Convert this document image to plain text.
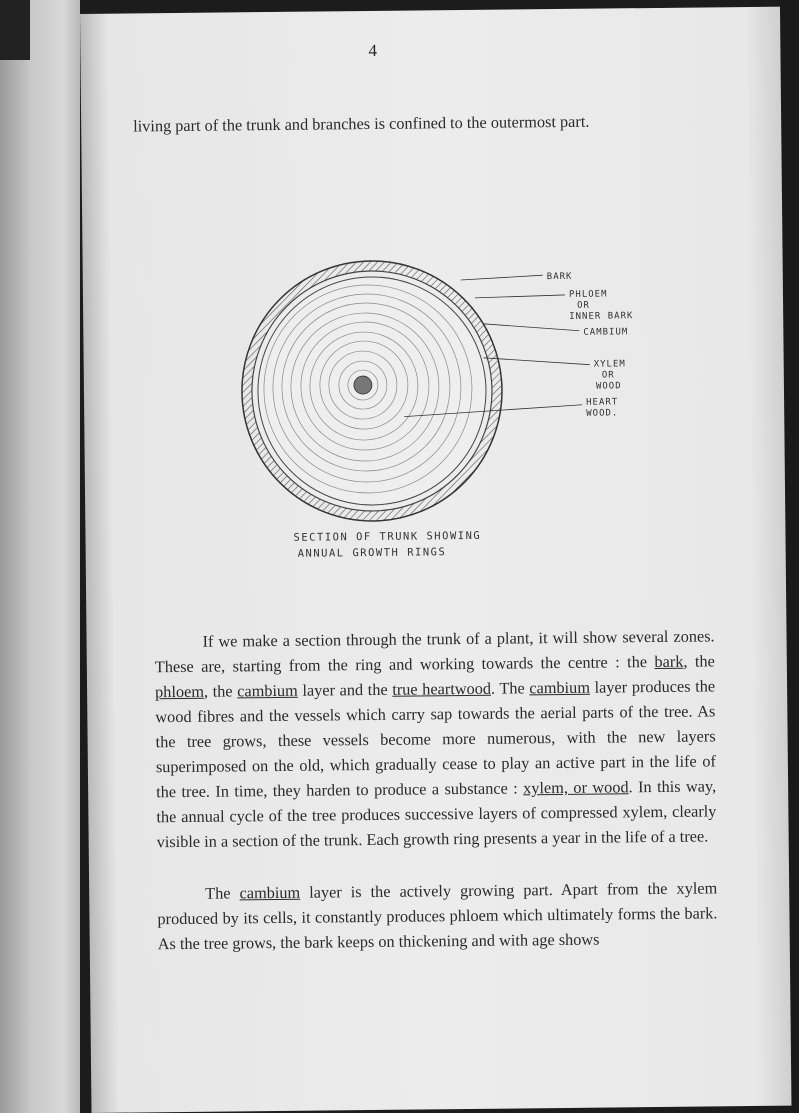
4
living part of the trunk and branches is confined to the outermost part.
BARK
PHLOEM
OR
INNER BARK
CAMBIUM
XYLEM
OR
WOOD
HEART
WOOD.
SECTION OF TRUNK SHOWING
ANNUAL GROWTH RINGS
If we make a section through the trunk of a plant, it will show several zones. These are, starting from the ring and working towards the centre : the bark, the phloem, the cambium layer and the true heartwood. The cambium layer produces the wood fibres and the vessels which carry sap towards the aerial parts of the tree. As the tree grows, these vessels become more numerous, with the new layers superimposed on the old, which gradually cease to play an active part in the life of the tree. In time, they harden to produce a substance : xylem, or wood. In this way, the annual cycle of the tree produces successive layers of compressed xylem, clearly visible in a section of the trunk. Each growth ring presents a year in the life of a tree.
The cambium layer is the actively growing part. Apart from the xylem produced by its cells, it constantly produces phloem which ultimately forms the bark. As the tree grows, the bark keeps on thickening and with age shows
